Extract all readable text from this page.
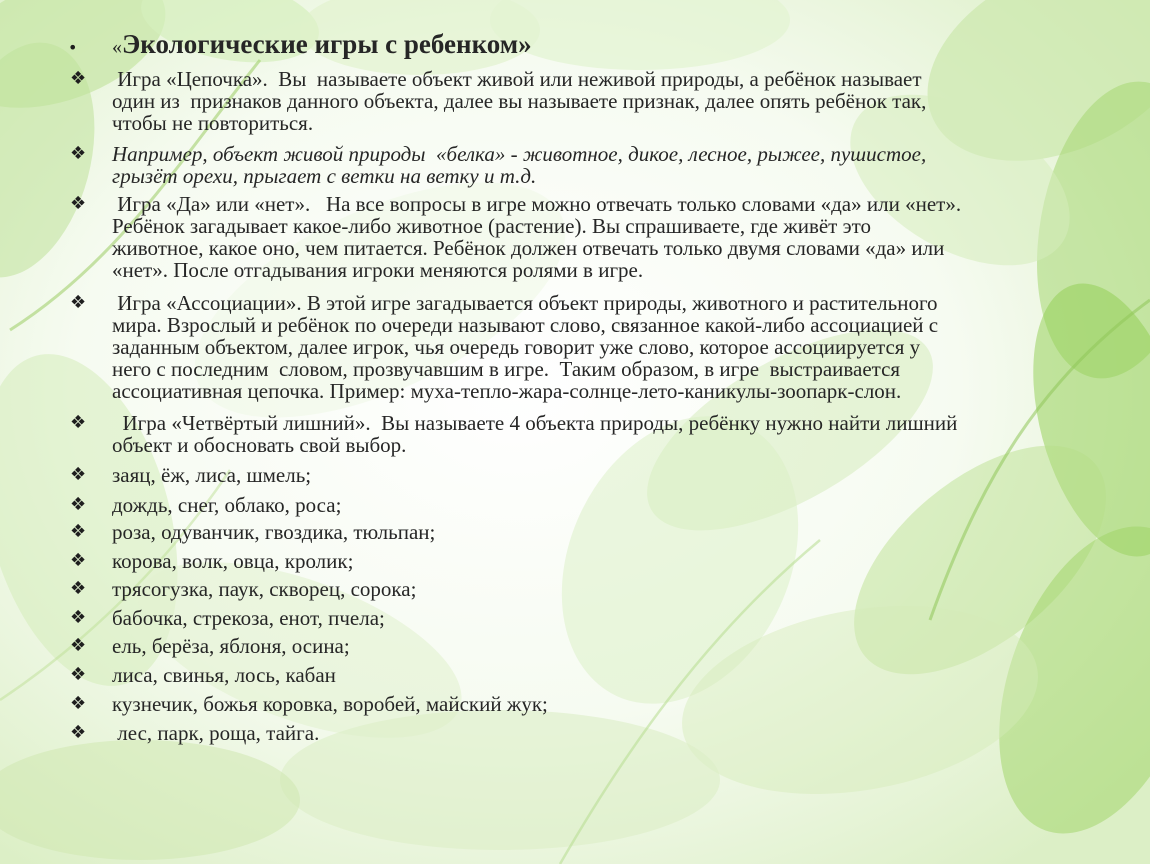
•	«Экологические игры с ребенком»
❖	Игра «Цепочка».  Вы  называете объект живой или неживой природы, а ребёнок называет
один из  признаков данного объекта, далее вы называете признак, далее опять ребёнок так,
чтобы не повториться.
❖	Например, объект живой природы  «белка» - животное, дикое, лесное, рыжее, пушистое,
грызёт орехи, прыгает с ветки на ветку и т.д.
❖	Игра «Да» или «нет».   На все вопросы в игре можно отвечать только словами «да» или «нет».
Ребёнок загадывает какое-либо животное (растение). Вы спрашиваете, где живёт это
животное, какое оно, чем питается. Ребёнок должен отвечать только двумя словами «да» или
«нет». После отгадывания игроки меняются ролями в игре.
❖	Игра «Ассоциации». В этой игре загадывается объект природы, животного и растительного
мира. Взрослый и ребёнок по очереди называют слово, связанное какой-либо ассоциацией с
заданным объектом, далее игрок, чья очередь говорит уже слово, которое ассоциируется у
него с последним  словом, прозвучавшим в игре.  Таким образом, в игре  выстраивается
ассоциативная цепочка. Пример: муха-тепло-жара-солнце-лето-каникулы-зоопарк-слон.
❖	Игра «Четвёртый лишний».  Вы называете 4 объекта природы, ребёнку нужно найти лишний
объект и обосновать свой выбор.
❖	заяц, ёж, лиса, шмель;
❖	дождь, снег, облако, роса;
❖	роза, одуванчик, гвоздика, тюльпан;
❖	корова, волк, овца, кролик;
❖	трясогузка, паук, скворец, сорока;
❖	бабочка, стрекоза, енот, пчела;
❖	ель, берёза, яблоня, осина;
❖	лиса, свинья, лось, кабан
❖	кузнечик, божья коровка, воробей, майский жук;
❖	лес, парк, роща, тайга.
